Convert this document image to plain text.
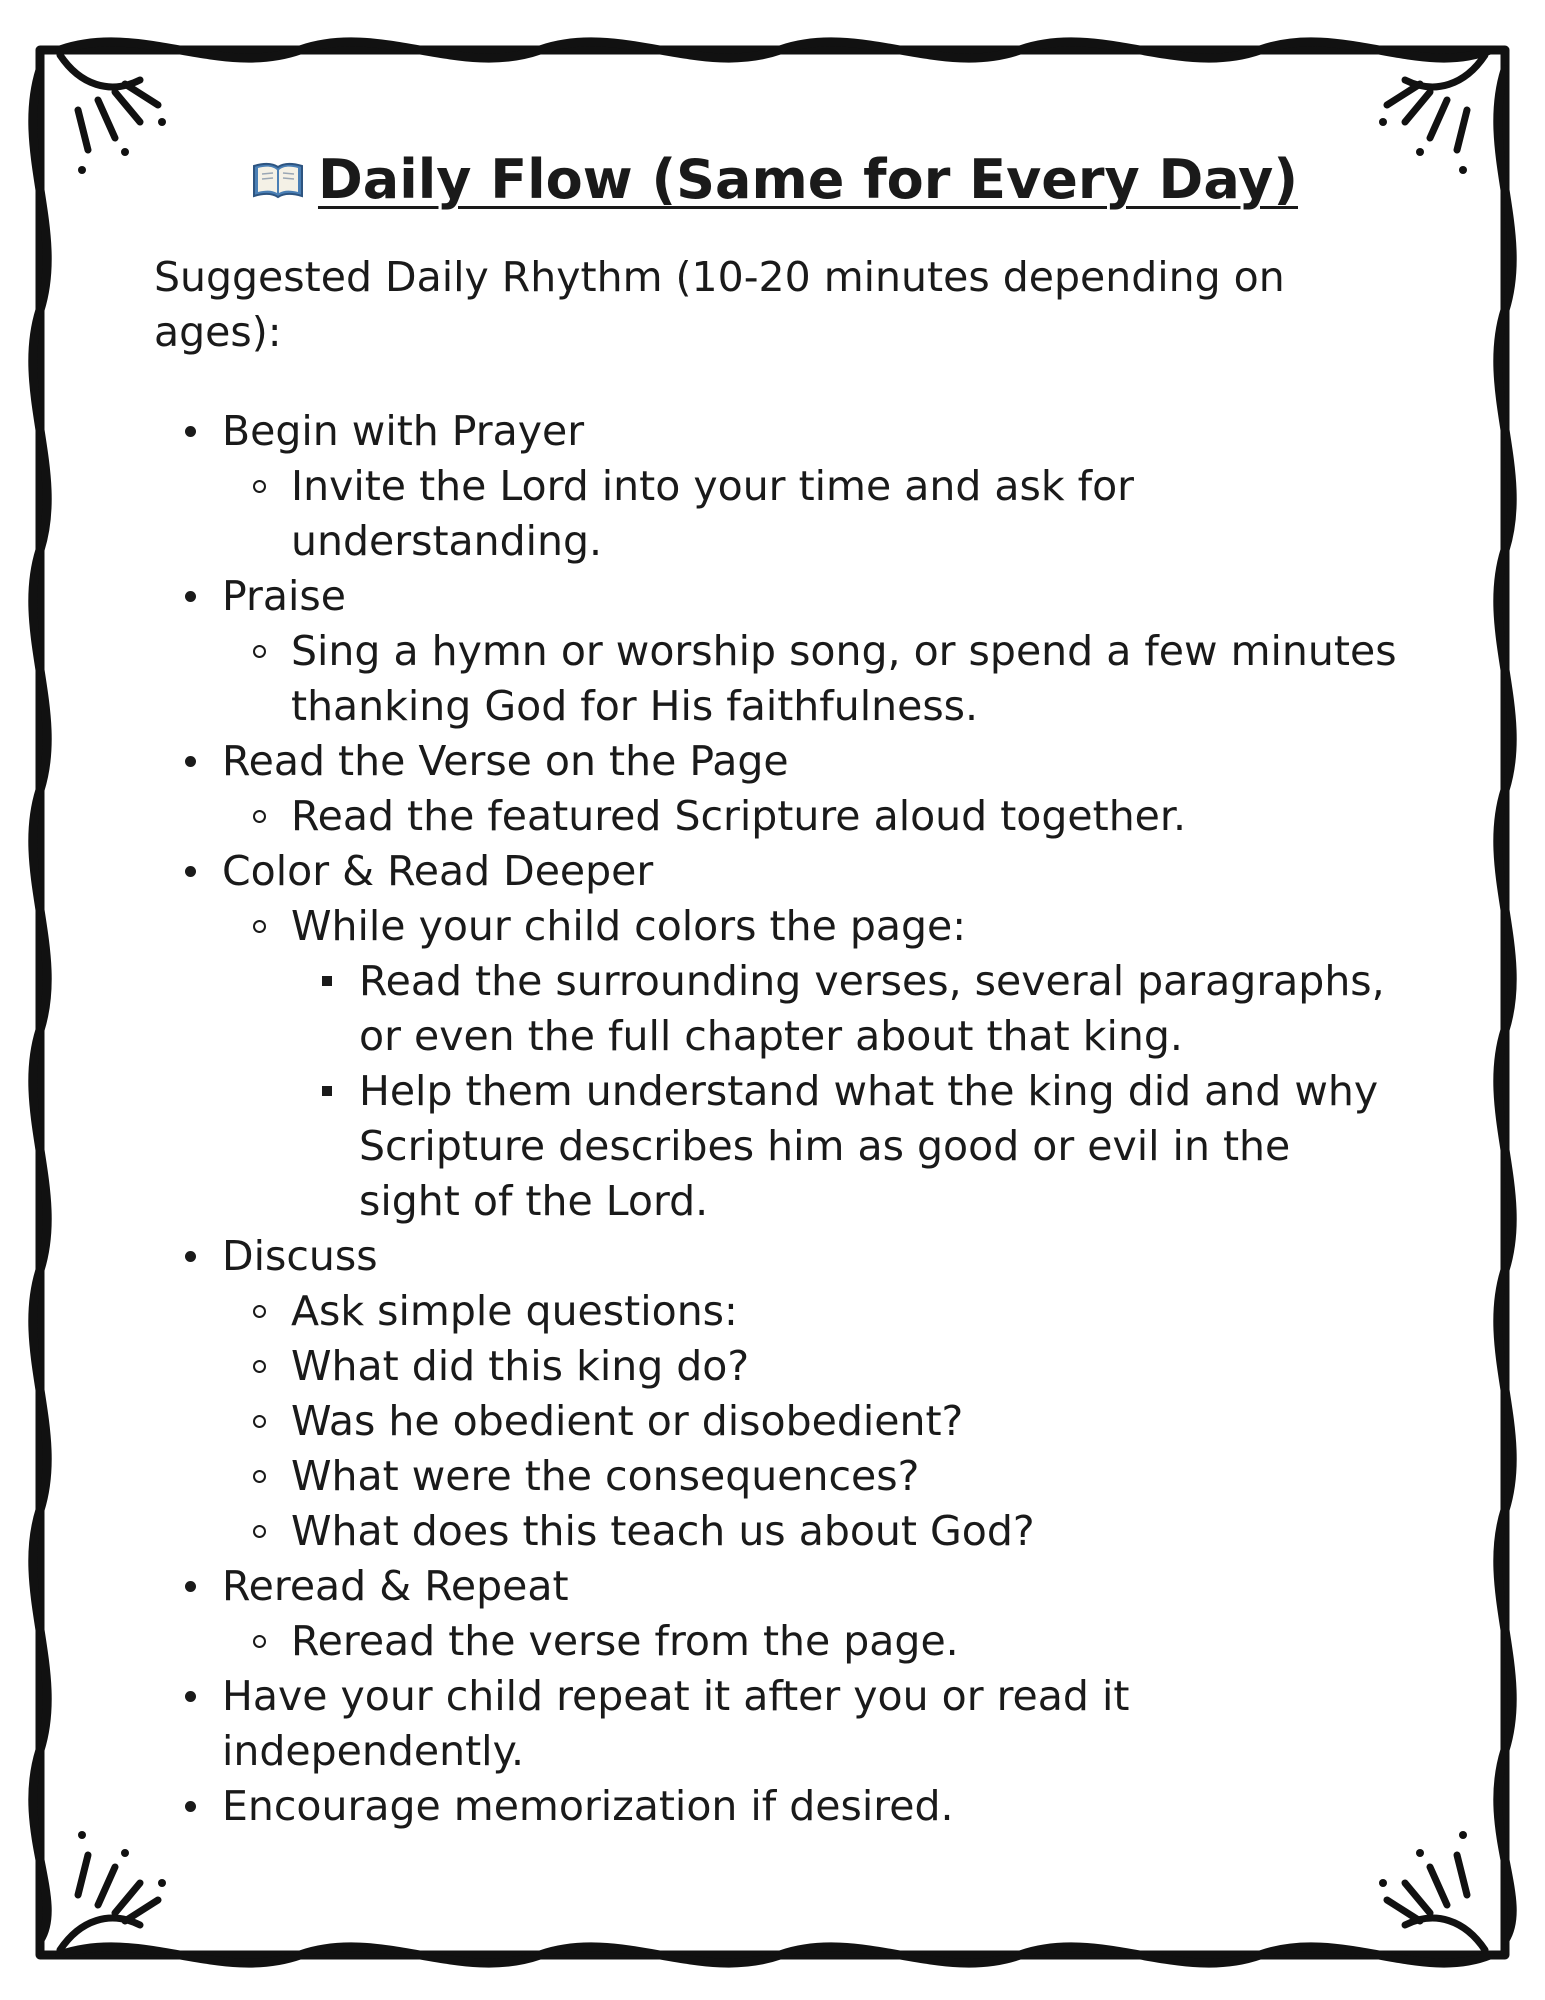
Daily Flow (Same for Every Day)

Suggested Daily Rhythm (10-20 minutes depending on ages):

Begin with Prayer
Invite the Lord into your time and ask for understanding.
Praise
Sing a hymn or worship song, or spend a few minutes thanking God for His faithfulness.
Read the Verse on the Page
Read the featured Scripture aloud together.
Color & Read Deeper
While your child colors the page:
Read the surrounding verses, several paragraphs, or even the full chapter about that king.
Help them understand what the king did and why Scripture describes him as good or evil in the sight of the Lord.
Discuss
Ask simple questions:
What did this king do?
Was he obedient or disobedient?
What were the consequences?
What does this teach us about God?
Reread & Repeat
Reread the verse from the page.
Have your child repeat it after you or read it independently.
Encourage memorization if desired.
